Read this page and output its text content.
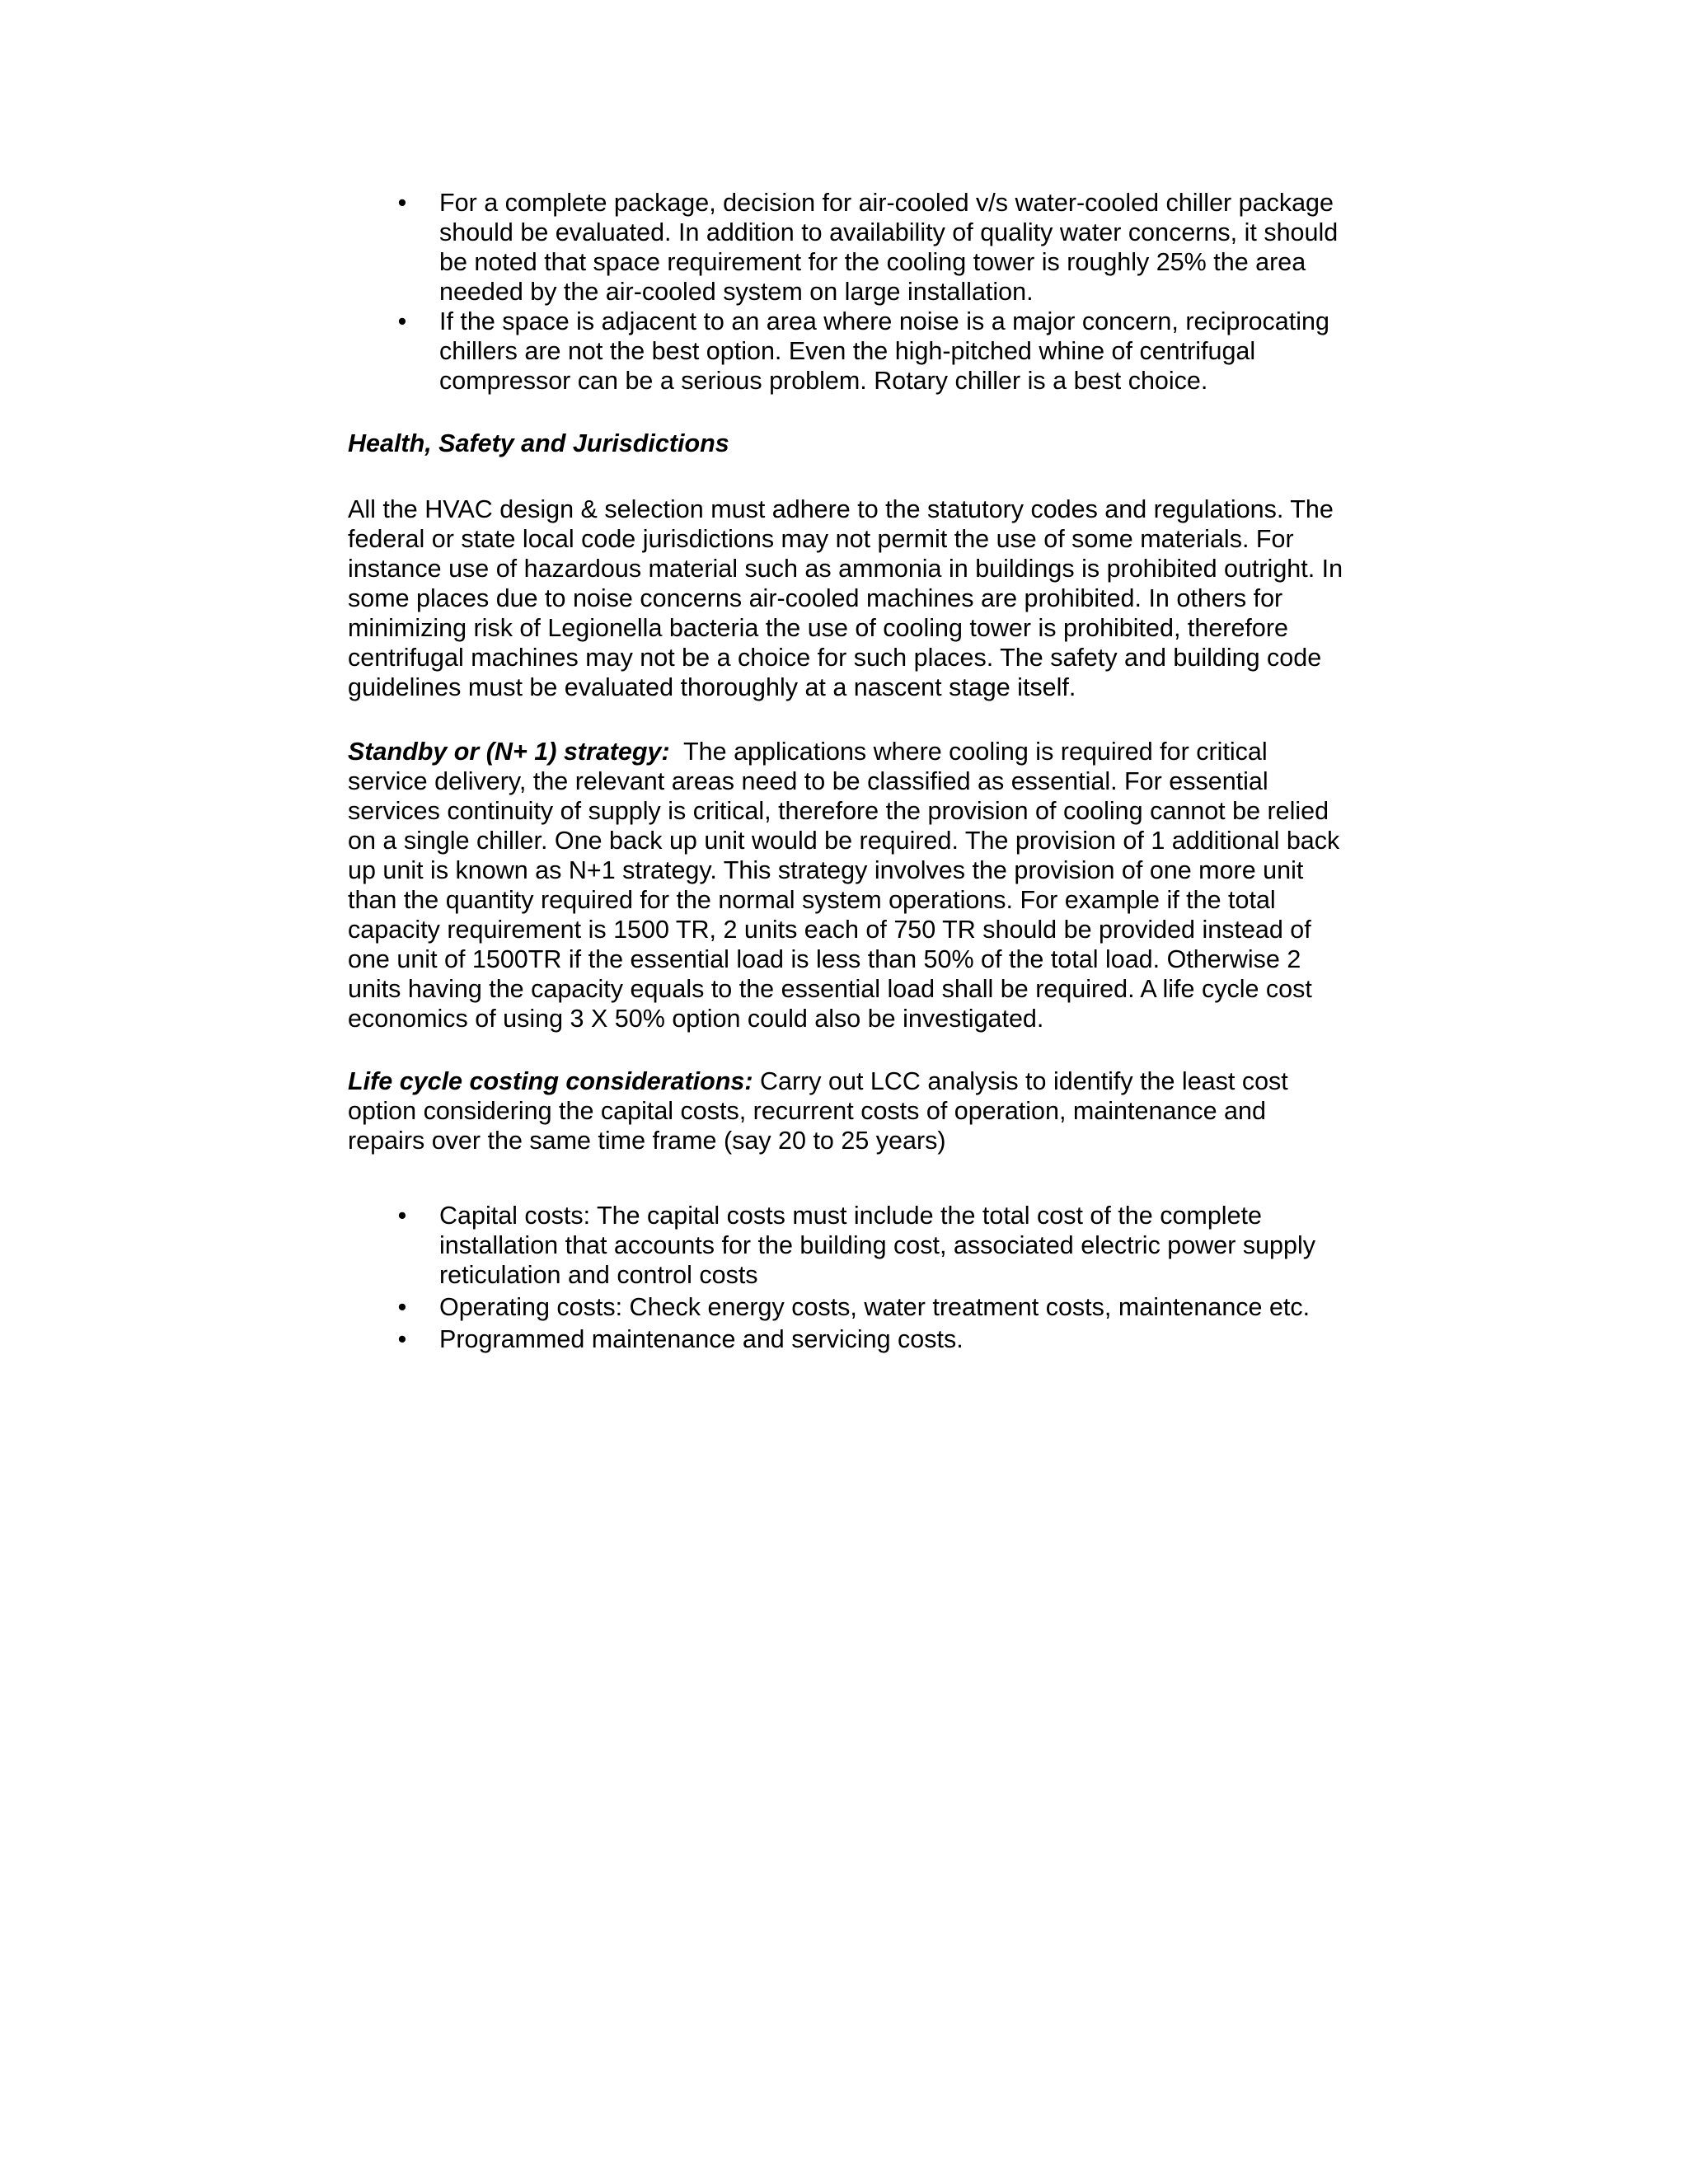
• For a complete package, decision for air-cooled v/s water-cooled chiller package
should be evaluated. In addition to availability of quality water concerns, it should
be noted that space requirement for the cooling tower is roughly 25% the area
needed by the air-cooled system on large installation.
• If the space is adjacent to an area where noise is a major concern, reciprocating
chillers are not the best option. Even the high-pitched whine of centrifugal
compressor can be a serious problem. Rotary chiller is a best choice.
Health, Safety and Jurisdictions
All the HVAC design & selection must adhere to the statutory codes and regulations. The
federal or state local code jurisdictions may not permit the use of some materials. For
instance use of hazardous material such as ammonia in buildings is prohibited outright. In
some places due to noise concerns air-cooled machines are prohibited. In others for
minimizing risk of Legionella bacteria the use of cooling tower is prohibited, therefore
centrifugal machines may not be a choice for such places. The safety and building code
guidelines must be evaluated thoroughly at a nascent stage itself.
Standby or (N+ 1) strategy:  The applications where cooling is required for critical
service delivery, the relevant areas need to be classified as essential. For essential
services continuity of supply is critical, therefore the provision of cooling cannot be relied
on a single chiller. One back up unit would be required. The provision of 1 additional back
up unit is known as N+1 strategy. This strategy involves the provision of one more unit
than the quantity required for the normal system operations. For example if the total
capacity requirement is 1500 TR, 2 units each of 750 TR should be provided instead of
one unit of 1500TR if the essential load is less than 50% of the total load. Otherwise 2
units having the capacity equals to the essential load shall be required. A life cycle cost
economics of using 3 X 50% option could also be investigated.
Life cycle costing considerations: Carry out LCC analysis to identify the least cost
option considering the capital costs, recurrent costs of operation, maintenance and
repairs over the same time frame (say 20 to 25 years)
• Capital costs: The capital costs must include the total cost of the complete
installation that accounts for the building cost, associated electric power supply
reticulation and control costs
• Operating costs: Check energy costs, water treatment costs, maintenance etc.
• Programmed maintenance and servicing costs.
